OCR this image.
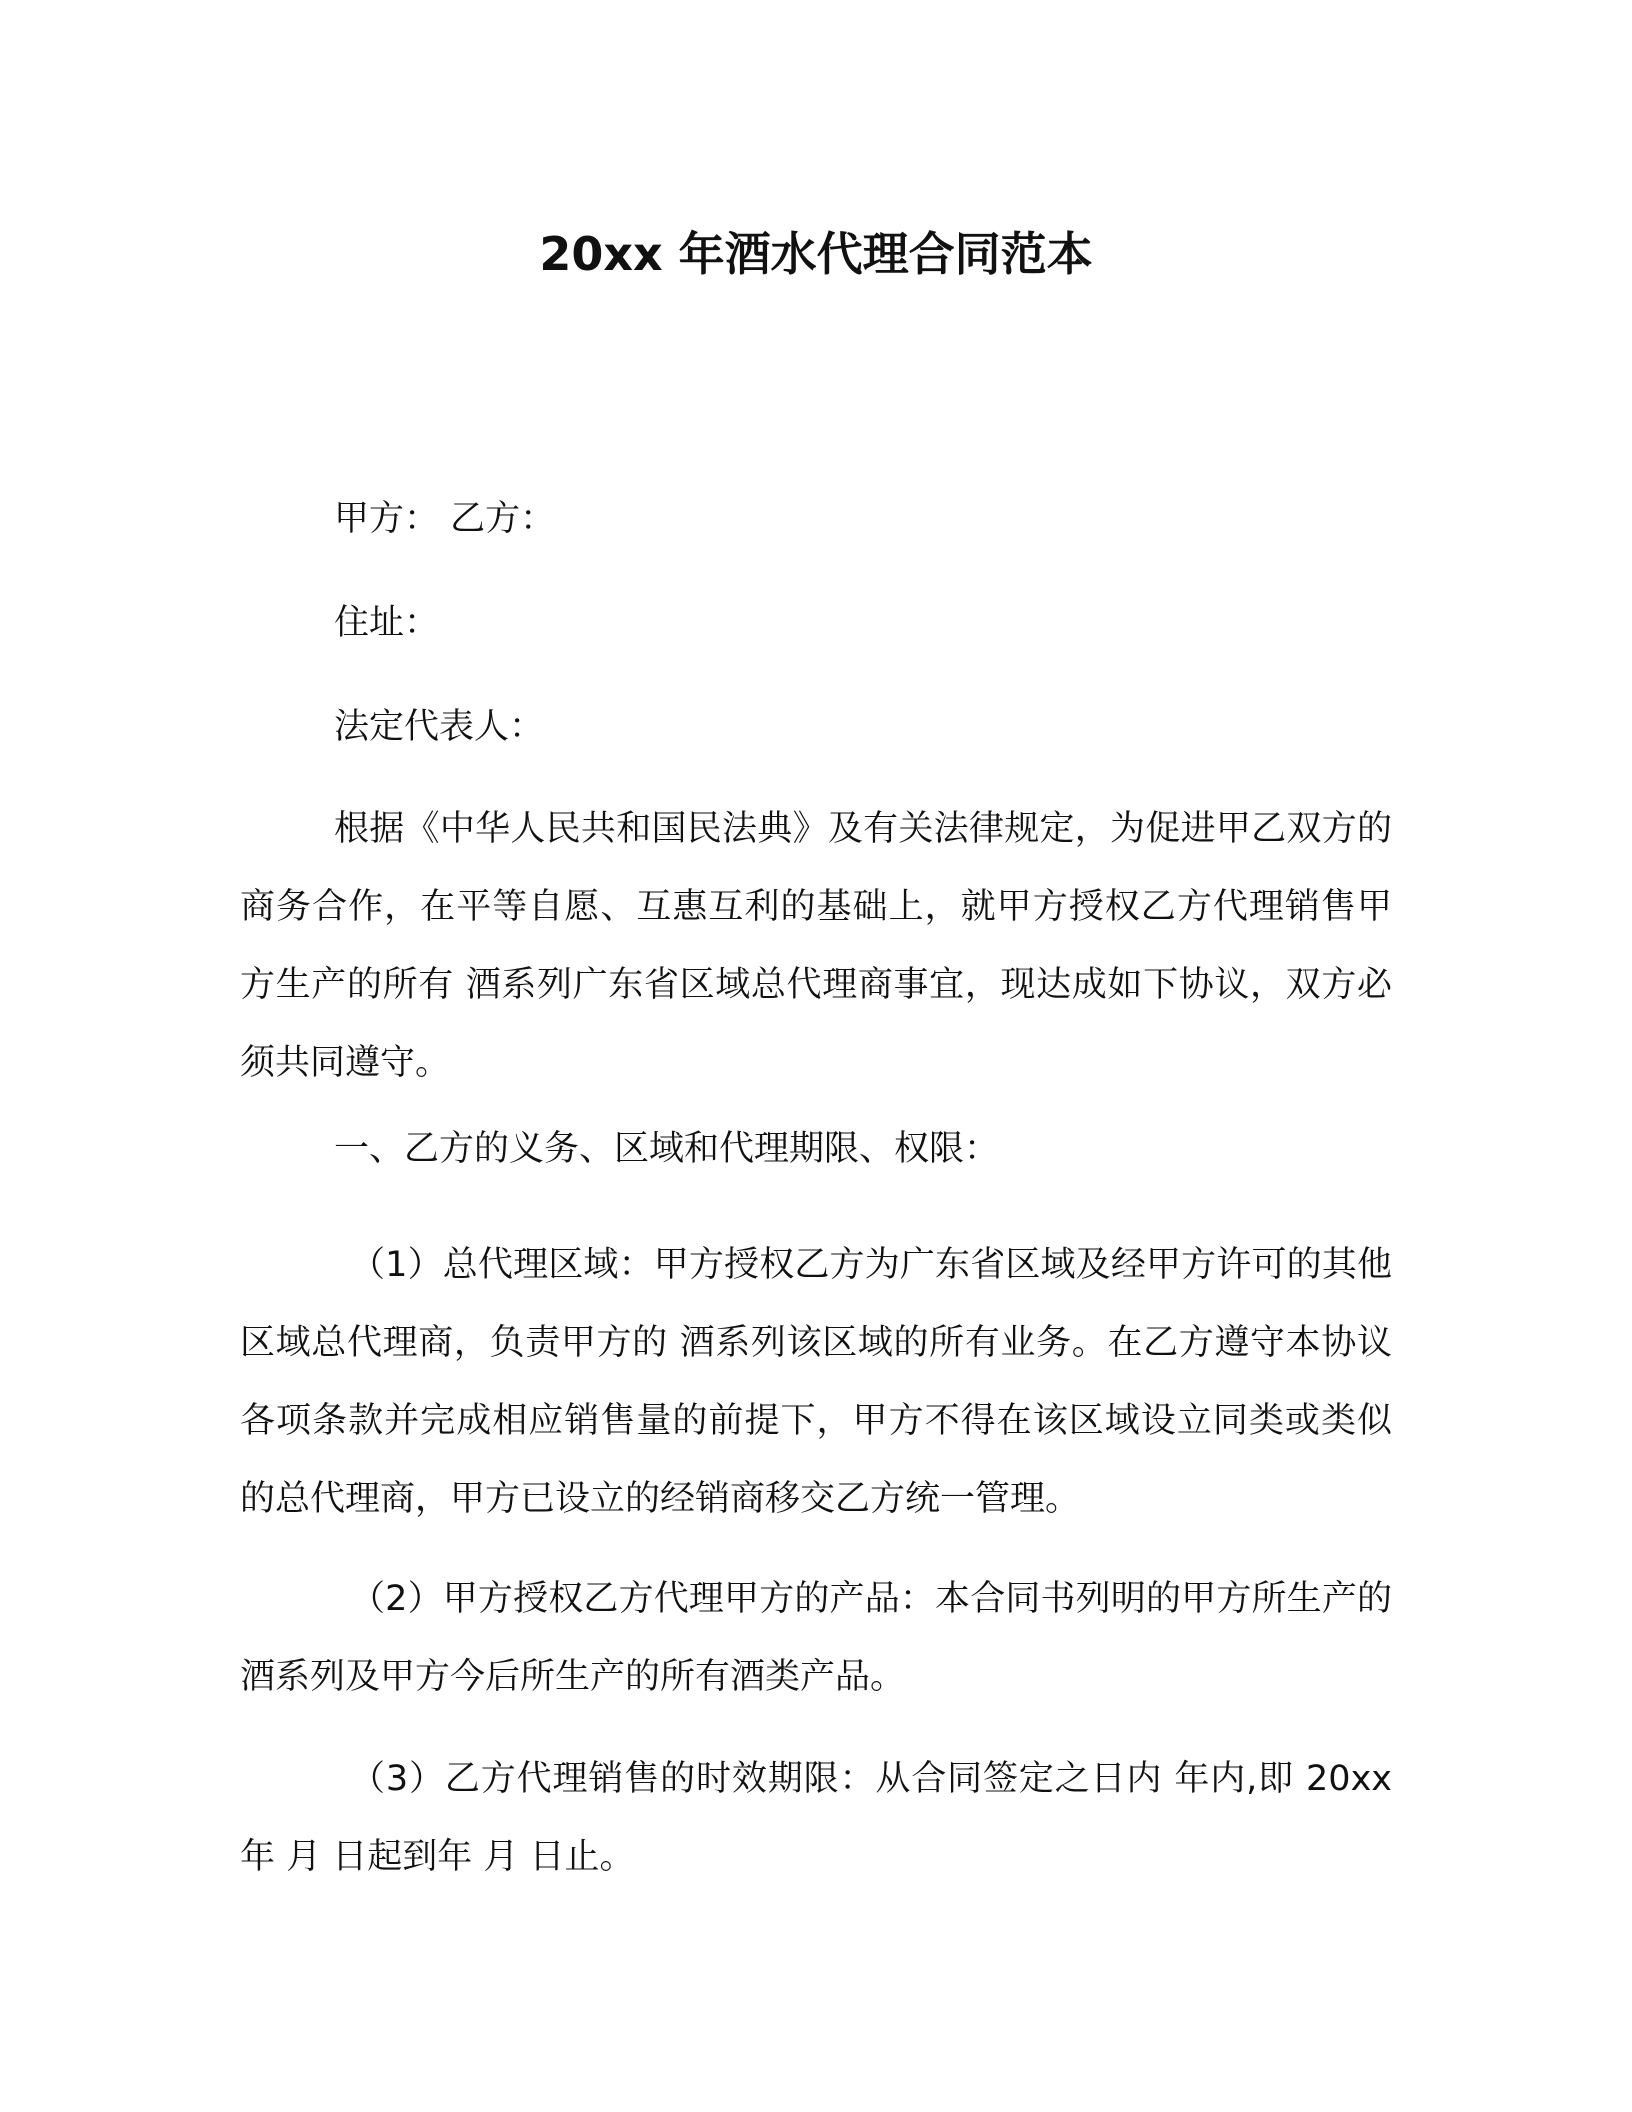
20xx 年酒水代理合同范本

甲方： 乙方：

住址：

法定代表人：

根据《中华人民共和国民法典》及有关法律规定，为促进甲乙双方的商务合作，在平等自愿、互惠互利的基础上，就甲方授权乙方代理销售甲方生产的所有 酒系列广东省区域总代理商事宜，现达成如下协议，双方必须共同遵守。

一、乙方的义务、区域和代理期限、权限：

（1）总代理区域：甲方授权乙方为广东省区域及经甲方许可的其他区域总代理商，负责甲方的 酒系列该区域的所有业务。在乙方遵守本协议各项条款并完成相应销售量的前提下，甲方不得在该区域设立同类或类似的总代理商，甲方已设立的经销商移交乙方统一管理。

（2）甲方授权乙方代理甲方的产品：本合同书列明的甲方所生产的 酒系列及甲方今后所生产的所有酒类产品。

（3）乙方代理销售的时效期限：从合同签定之日内 年内,即 20xx 年 月 日起到年 月 日止。
